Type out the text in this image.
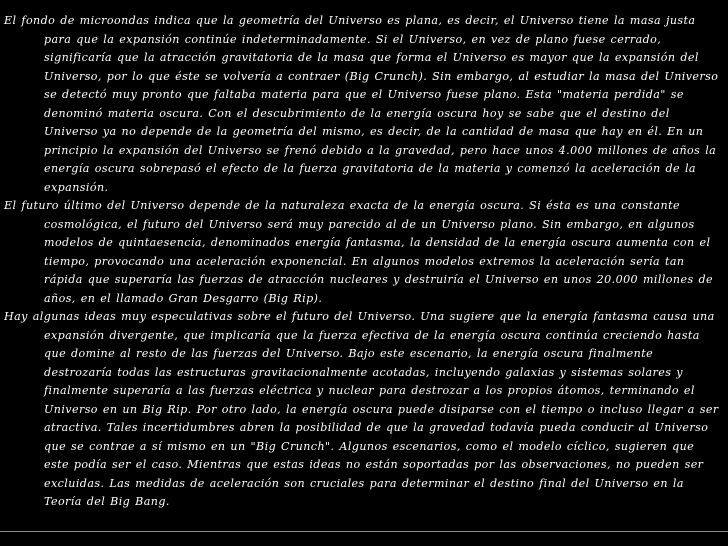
El fondo de microondas indica que la geometría del Universo es plana, es decir, el Universo tiene la masa justa para que la expansión continúe indeterminadamente. Si el Universo, en vez de plano fuese cerrado, significaría que la atracción gravitatoria de la masa que forma el Universo es mayor que la expansión del Universo, por lo que éste se volvería a contraer (Big Crunch). Sin embargo, al estudiar la masa del Universo se detectó muy pronto que faltaba materia para que el Universo fuese plano. Esta "materia perdida" se denominó materia oscura. Con el descubrimiento de la energía oscura hoy se sabe que el destino del Universo ya no depende de la geometría del mismo, es decir, de la cantidad de masa que hay en él. En un principio la expansión del Universo se frenó debido a la gravedad, pero hace unos 4.000 millones de años la energía oscura sobrepasó el efecto de la fuerza gravitatoria de la materia y comenzó la aceleración de la expansión.

El futuro último del Universo depende de la naturaleza exacta de la energía oscura. Si ésta es una constante cosmológica, el futuro del Universo será muy parecido al de un Universo plano. Sin embargo, en algunos modelos de quintaesencia, denominados energía fantasma, la densidad de la energía oscura aumenta con el tiempo, provocando una aceleración exponencial. En algunos modelos extremos la aceleración sería tan rápida que superaría las fuerzas de atracción nucleares y destruiría el Universo en unos 20.000 millones de años, en el llamado Gran Desgarro (Big Rip).

Hay algunas ideas muy especulativas sobre el futuro del Universo. Una sugiere que la energía fantasma causa una expansión divergente, que implicaría que la fuerza efectiva de la energía oscura continúa creciendo hasta que domine al resto de las fuerzas del Universo. Bajo este escenario, la energía oscura finalmente destrozaría todas las estructuras gravitacionalmente acotadas, incluyendo galaxias y sistemas solares y finalmente superaría a las fuerzas eléctrica y nuclear para destrozar a los propios átomos, terminando el Universo en un Big Rip. Por otro lado, la energía oscura puede disiparse con el tiempo o incluso llegar a ser atractiva. Tales incertidumbres abren la posibilidad de que la gravedad todavía pueda conducir al Universo que se contrae a sí mismo en un "Big Crunch". Algunos escenarios, como el modelo cíclico, sugieren que este podía ser el caso. Mientras que estas ideas no están soportadas por las observaciones, no pueden ser excluidas. Las medidas de aceleración son cruciales para determinar el destino final del Universo en la Teoría del Big Bang.
